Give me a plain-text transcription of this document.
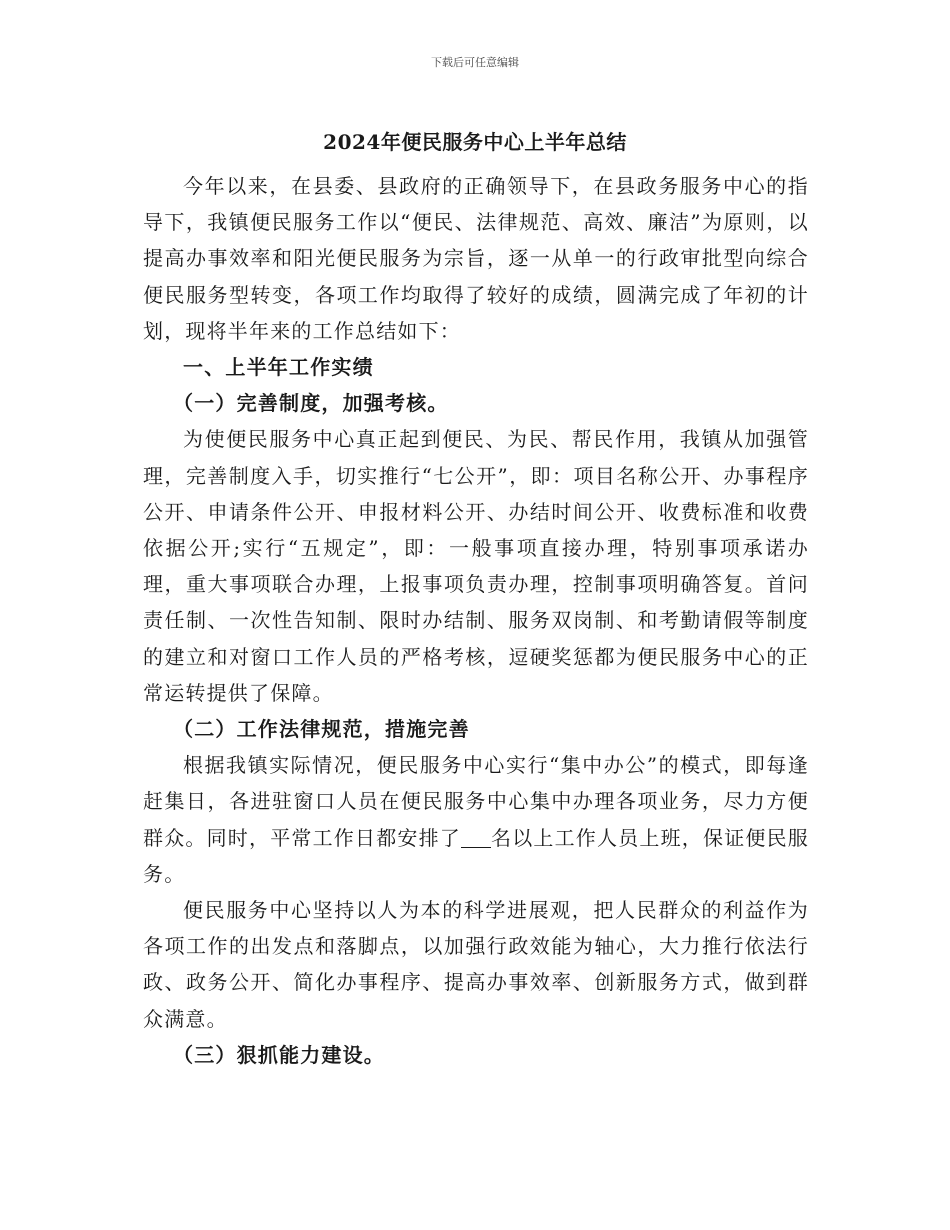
下载后可任意编辑
2024年便民服务中心上半年总结

今年以来，在县委、县政府的正确领导下，在县政务服务中心的指导下，我镇便民服务工作以“便民、法律规范、高效、廉洁”为原则，以提高办事效率和阳光便民服务为宗旨，逐一从单一的行政审批型向综合便民服务型转变，各项工作均取得了较好的成绩，圆满完成了年初的计划，现将半年来的工作总结如下：

一、上半年工作实绩

（一）完善制度，加强考核。

为使便民服务中心真正起到便民、为民、帮民作用，我镇从加强管理，完善制度入手，切实推行“七公开”，即：项目名称公开、办事程序公开、申请条件公开、申报材料公开、办结时间公开、收费标准和收费依据公开;实行“五规定”，即：一般事项直接办理，特别事项承诺办理，重大事项联合办理，上报事项负责办理，控制事项明确答复。首问责任制、一次性告知制、限时办结制、服务双岗制、和考勤请假等制度的建立和对窗口工作人员的严格考核，逗硬奖惩都为便民服务中心的正常运转提供了保障。

（二）工作法律规范，措施完善

根据我镇实际情况，便民服务中心实行“集中办公”的模式，即每逢赶集日，各进驻窗口人员在便民服务中心集中办理各项业务，尽力方便群众。同时，平常工作日都安排了 名以上工作人员上班，保证便民服务。

便民服务中心坚持以人为本的科学进展观，把人民群众的利益作为各项工作的出发点和落脚点，以加强行政效能为轴心，大力推行依法行政、政务公开、简化办事程序、提高办事效率、创新服务方式，做到群众满意。

（三）狠抓能力建设。
